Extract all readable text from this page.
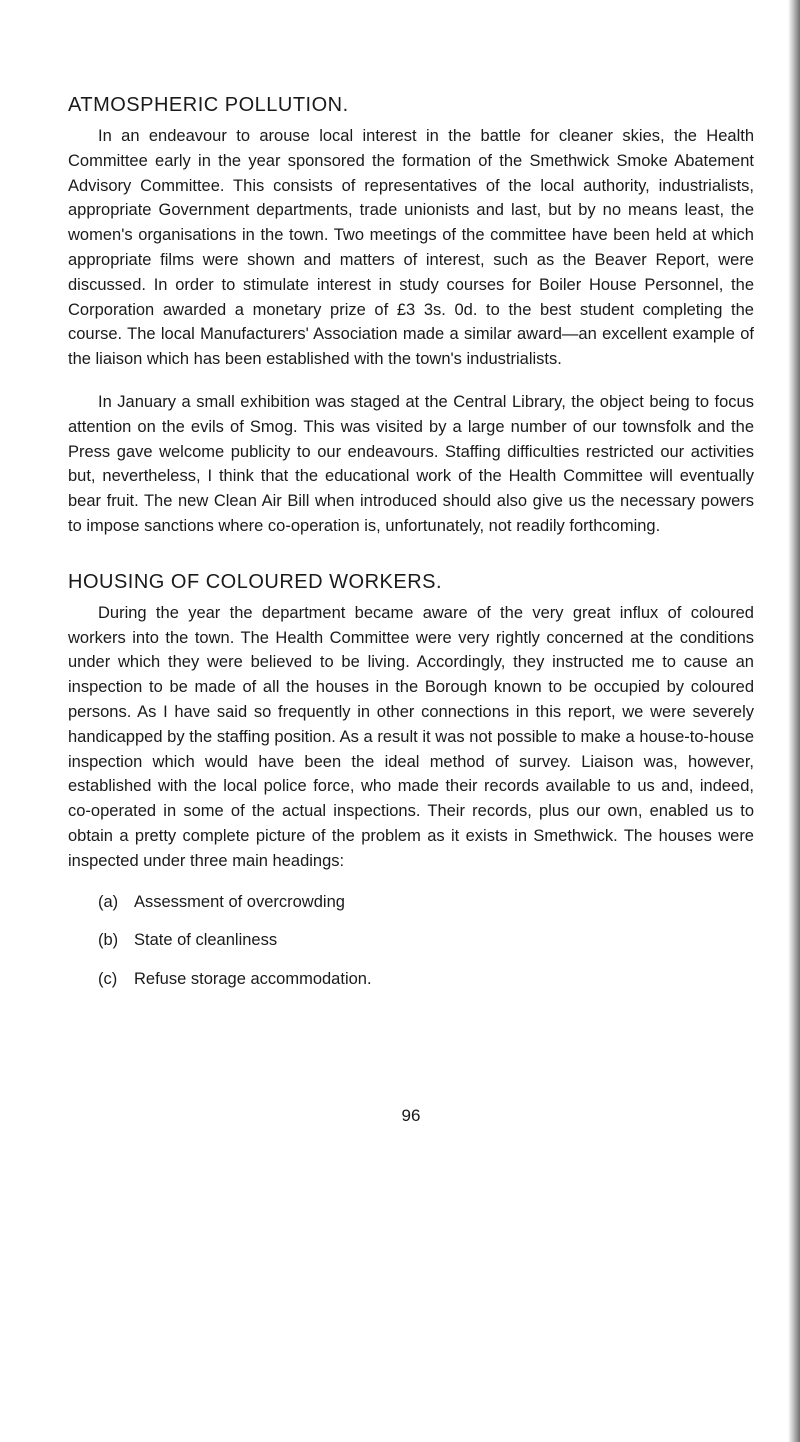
ATMOSPHERIC POLLUTION.

In an endeavour to arouse local interest in the battle for cleaner skies, the Health Committee early in the year sponsored the formation of the Smethwick Smoke Abatement Advisory Committee. This consists of representatives of the local authority, industrialists, appropriate Government departments, trade unionists and last, but by no means least, the women's organisations in the town. Two meetings of the committee have been held at which appropriate films were shown and matters of interest, such as the Beaver Report, were discussed. In order to stimulate interest in study courses for Boiler House Personnel, the Corporation awarded a monetary prize of £3 3s. 0d. to the best student completing the course. The local Manufacturers' Association made a similar award—an excellent example of the liaison which has been established with the town's industrialists.

In January a small exhibition was staged at the Central Library, the object being to focus attention on the evils of Smog. This was visited by a large number of our townsfolk and the Press gave welcome publicity to our endeavours. Staffing difficulties restricted our activities but, nevertheless, I think that the educational work of the Health Committee will eventually bear fruit. The new Clean Air Bill when introduced should also give us the necessary powers to impose sanctions where co-operation is, unfortunately, not readily forthcoming.

HOUSING OF COLOURED WORKERS.

During the year the department became aware of the very great influx of coloured workers into the town. The Health Committee were very rightly concerned at the conditions under which they were believed to be living. Accordingly, they instructed me to cause an inspection to be made of all the houses in the Borough known to be occupied by coloured persons. As I have said so frequently in other connections in this report, we were severely handicapped by the staffing position. As a result it was not possible to make a house-to-house inspection which would have been the ideal method of survey. Liaison was, however, established with the local police force, who made their records available to us and, indeed, co-operated in some of the actual inspections. Their records, plus our own, enabled us to obtain a pretty complete picture of the problem as it exists in Smethwick. The houses were inspected under three main headings:

(a) Assessment of overcrowding
(b) State of cleanliness
(c) Refuse storage accommodation.
96
